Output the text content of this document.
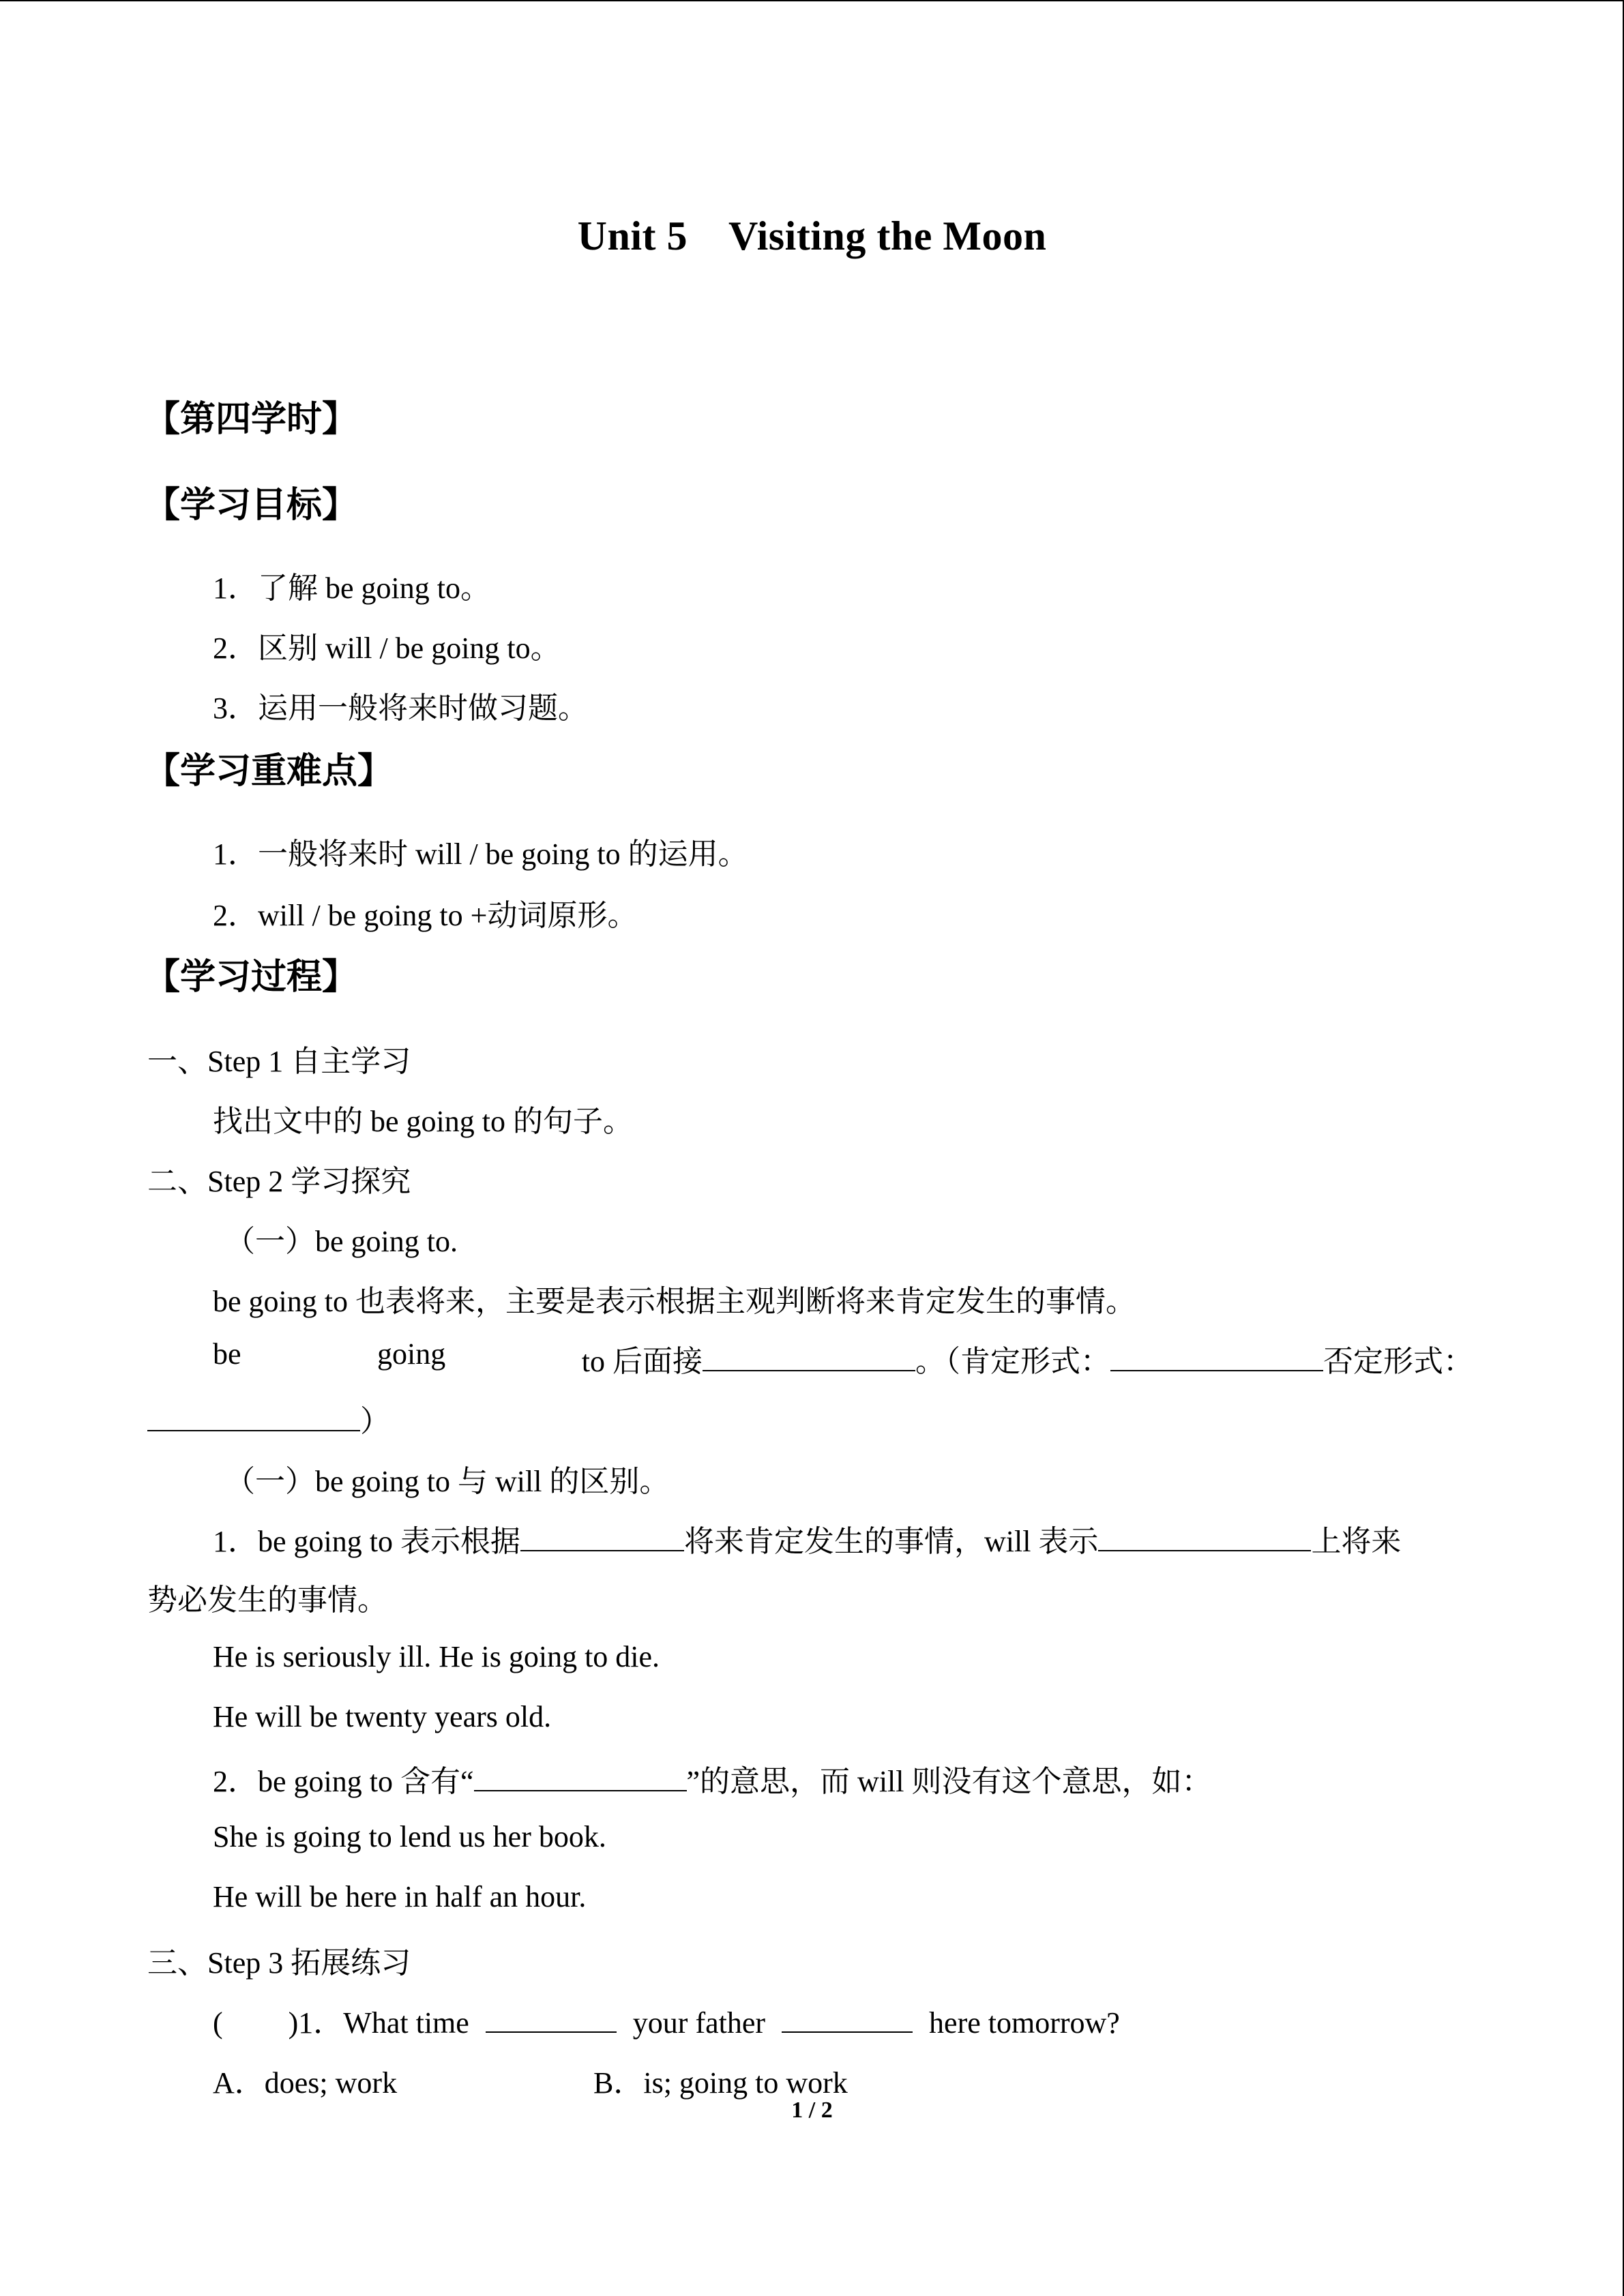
Unit 5 Visiting the Moon
【第四学时】
【学习目标】
1．了解 be going to。
2．区别 will / be going to。
3．运用一般将来时做习题。
【学习重难点】
1．一般将来时 will / be going to 的运用。
2．will / be going to +动词原形。
【学习过程】
一、Step 1 自主学习
找出文中的 be going to 的句子。
二、Step 2 学习探究
（一）be going to.
be going to 也表将来，主要是表示根据主观判断将来肯定发生的事情。
be	going	to 后面接	。（肯定形式：	否定形式：
）
（一）be going to 与 will 的区别。
1．be going to 表示根据	将来肯定发生的事情，will 表示	上将来
势必发生的事情。
He is seriously ill. He is going to die.
He will be twenty years old.
2．be going to 含有“	”的意思，而 will 则没有这个意思，如：
She is going to lend us her book.
He will be here in half an hour.
三、Step 3 拓展练习
( )1．What time	your father	here tomorrow?
A．does; work	B．is; going to work
1 / 2
